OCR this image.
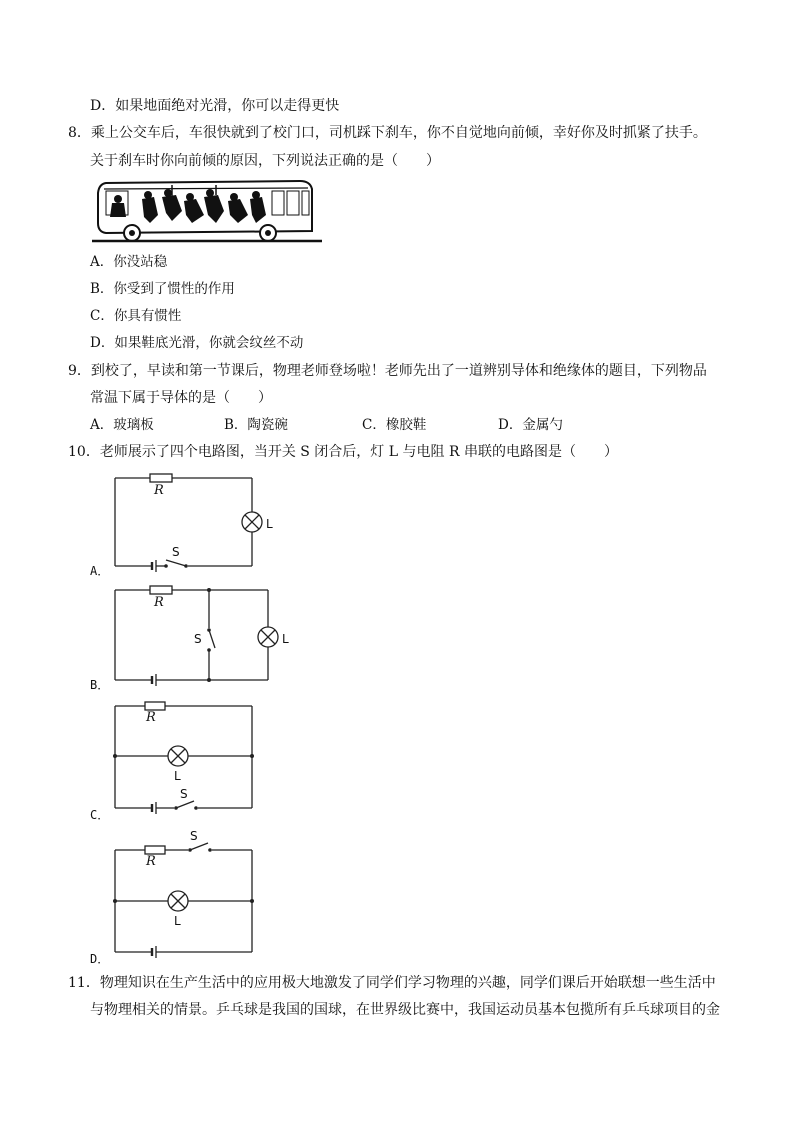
D．如果地面绝对光滑，你可以走得更快
8．乘上公交车后，车很快就到了校门口，司机踩下刹车，你不自觉地向前倾，幸好你及时抓紧了扶手。
关于刹车时你向前倾的原因，下列说法正确的是（　　）
A．你没站稳
B．你受到了惯性的作用
C．你具有惯性
D．如果鞋底光滑，你就会纹丝不动
9．到校了，早读和第一节课后，物理老师登场啦！老师先出了一道辨别导体和绝缘体的题目，下列物品
常温下属于导体的是（　　）
A．玻璃板	B．陶瓷碗	C．橡胶鞋	D．金属勺
10．老师展示了四个电路图，当开关 S 闭合后，灯 L 与电阻 R 串联的电路图是（　　）
R
L
S
A．
R
L
S
B．
R
L
S
C．
R
L
S
D．
11．物理知识在生产生活中的应用极大地激发了同学们学习物理的兴趣，同学们课后开始联想一些生活中
与物理相关的情景。乒乓球是我国的国球，在世界级比赛中，我国运动员基本包揽所有乒乓球项目的金
